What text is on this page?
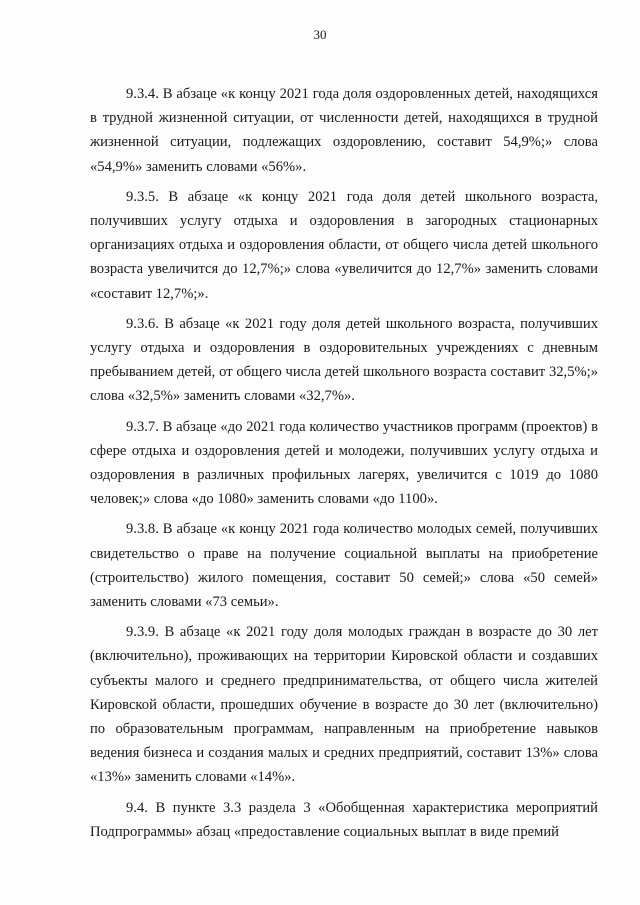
30

9.3.4. В абзаце «к концу 2021 года доля оздоровленных детей, находящихся в трудной жизненной ситуации, от численности детей, находящихся в трудной жизненной ситуации, подлежащих оздоровлению, составит 54,9%;» слова «54,9%» заменить словами «56%».

9.3.5. В абзаце «к концу 2021 года доля детей школьного возраста, получивших услугу отдыха и оздоровления в загородных стационарных организациях отдыха и оздоровления области, от общего числа детей школьного возраста увеличится до 12,7%;» слова «увеличится до 12,7%» заменить словами «составит 12,7%;».

9.3.6. В абзаце «к 2021 году доля детей школьного возраста, получивших услугу отдыха и оздоровления в оздоровительных учреждениях с дневным пребыванием детей, от общего числа детей школьного возраста составит 32,5%;» слова «32,5%» заменить словами «32,7%».

9.3.7. В абзаце «до 2021 года количество участников программ (проектов) в сфере отдыха и оздоровления детей и молодежи, получивших услугу отдыха и оздоровления в различных профильных лагерях, увеличится с 1019 до 1080 человек;» слова «до 1080» заменить словами «до 1100».

9.3.8. В абзаце «к концу 2021 года количество молодых семей, получивших свидетельство о праве на получение социальной выплаты на приобретение (строительство) жилого помещения, составит 50 семей;» слова «50 семей» заменить словами «73 семьи».

9.3.9. В абзаце «к 2021 году доля молодых граждан в возрасте до 30 лет (включительно), проживающих на территории Кировской области и создавших субъекты малого и среднего предпринимательства, от общего числа жителей Кировской области, прошедших обучение в возрасте до 30 лет (включительно) по образовательным программам, направленным на приобретение навыков ведения бизнеса и создания малых и средних предприятий, составит 13%» слова «13%» заменить словами «14%».

9.4. В пункте 3.3 раздела 3 «Обобщенная характеристика мероприятий Подпрограммы» абзац «предоставление социальных выплат в виде премий
